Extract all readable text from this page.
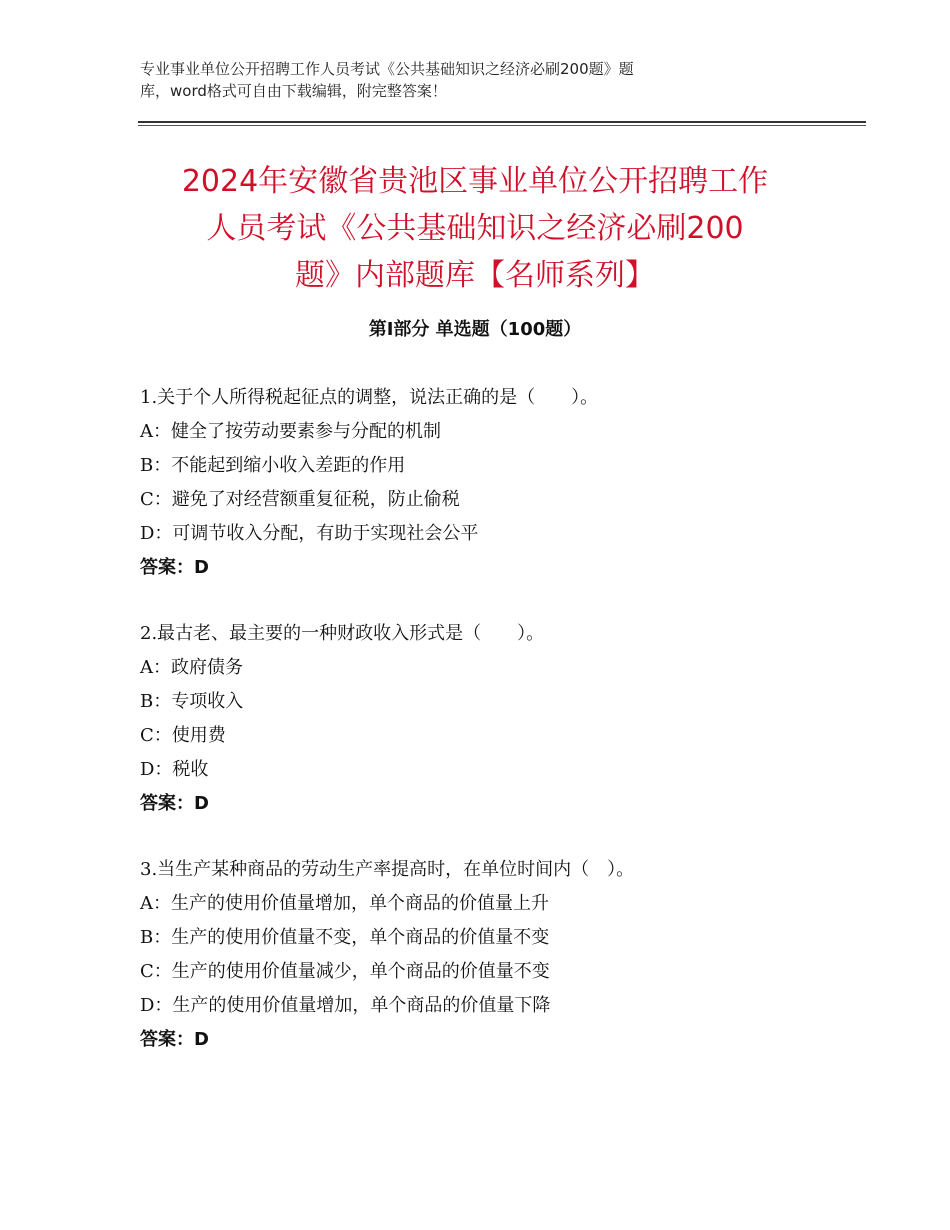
专业事业单位公开招聘工作人员考试《公共基础知识之经济必刷200题》题
库，word格式可自由下载编辑，附完整答案！
2024年安徽省贵池区事业单位公开招聘工作
人员考试《公共基础知识之经济必刷200
题》内部题库【名师系列】
第I部分 单选题（100题）
1.关于个人所得税起征点的调整，说法正确的是（　　）。
A：健全了按劳动要素参与分配的机制
B：不能起到缩小收入差距的作用
C：避免了对经营额重复征税，防止偷税
D：可调节收入分配，有助于实现社会公平
答案：D
2.最古老、最主要的一种财政收入形式是（　　）。
A：政府债务
B：专项收入
C：使用费
D：税收
答案：D
3.当生产某种商品的劳动生产率提高时，在单位时间内（　）。
A：生产的使用价值量增加，单个商品的价值量上升
B：生产的使用价值量不变，单个商品的价值量不变
C：生产的使用价值量减少，单个商品的价值量不变
D：生产的使用价值量增加，单个商品的价值量下降
答案：D
